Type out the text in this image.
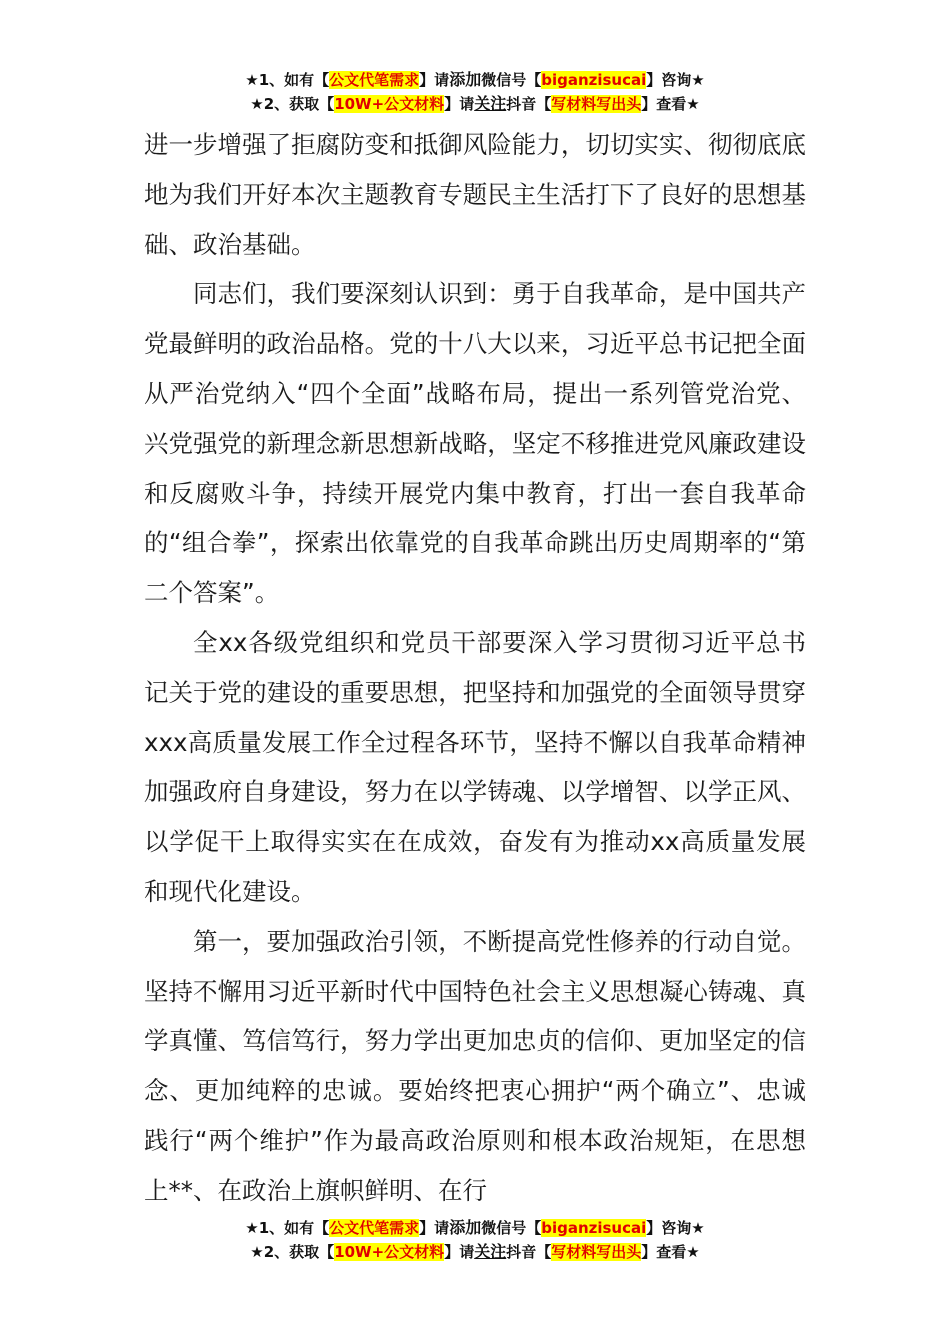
★1、如有【公文代笔需求】请添加微信号【biganzisucai】咨询★
★2、获取【10W+公文材料】请关注抖音【写材料写出头】查看★

进一步增强了拒腐防变和抵御风险能力，切切实实、彻彻底底地为我们开好本次主题教育专题民主生活打下了良好的思想基础、政治基础。

同志们，我们要深刻认识到：勇于自我革命，是中国共产党最鲜明的政治品格。党的十八大以来，习近平总书记把全面从严治党纳入“四个全面”战略布局，提出一系列管党治党、兴党强党的新理念新思想新战略，坚定不移推进党风廉政建设和反腐败斗争，持续开展党内集中教育，打出一套自我革命的“组合拳”，探索出依靠党的自我革命跳出历史周期率的“第二个答案”。

全xx各级党组织和党员干部要深入学习贯彻习近平总书记关于党的建设的重要思想，把坚持和加强党的全面领导贯穿xxx高质量发展工作全过程各环节，坚持不懈以自我革命精神加强政府自身建设，努力在以学铸魂、以学增智、以学正风、以学促干上取得实实在在成效，奋发有为推动xx高质量发展和现代化建设。

第一，要加强政治引领，不断提高党性修养的行动自觉。坚持不懈用习近平新时代中国特色社会主义思想凝心铸魂、真学真懂、笃信笃行，努力学出更加忠贞的信仰、更加坚定的信念、更加纯粹的忠诚。要始终把衷心拥护“两个确立”、忠诚践行“两个维护”作为最高政治原则和根本政治规矩，在思想上**、在政治上旗帜鲜明、在行

★1、如有【公文代笔需求】请添加微信号【biganzisucai】咨询★
★2、获取【10W+公文材料】请关注抖音【写材料写出头】查看★
